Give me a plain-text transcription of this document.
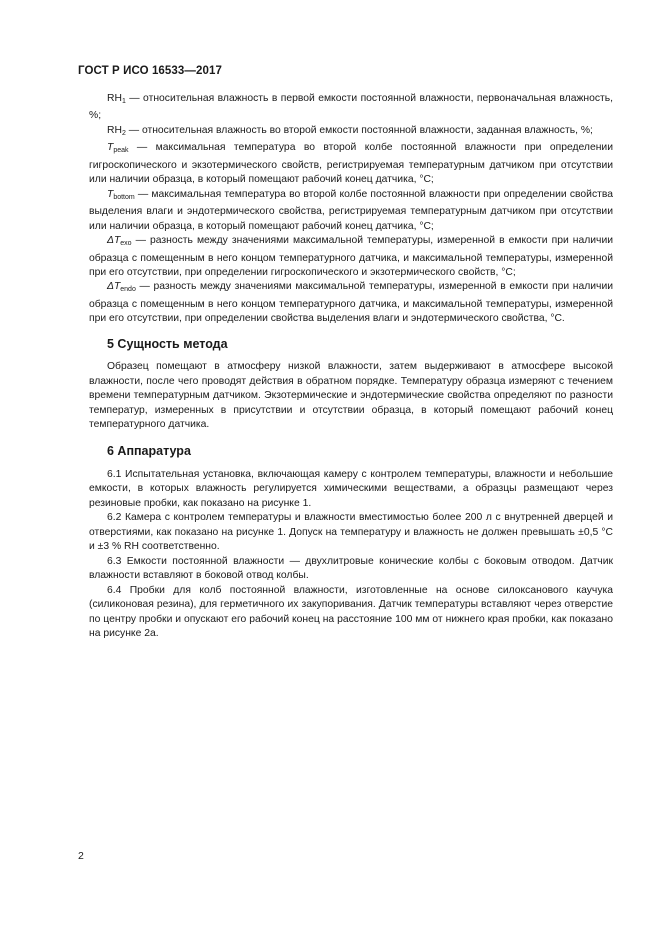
ГОСТ Р ИСО 16533—2017

$RH_1$ — относительная влажность в первой емкости постоянной влажности, первоначальная влажность, %;

$RH_2$ — относительная влажность во второй емкости постоянной влажности, заданная влажность, %;

$T_{peak}$ — максимальная температура во второй колбе постоянной влажности при определении гигроскопического и экзотермического свойств, регистрируемая температурным датчиком при отсутствии или наличии образца, в который помещают рабочий конец датчика, °C;

$T_{bottom}$ — максимальная температура во второй колбе постоянной влажности при определении свойства выделения влаги и эндотермического свойства, регистрируемая температурным датчиком при отсутствии или наличии образца, в который помещают рабочий конец датчика, °C;

$\Delta T_{exo}$ — разность между значениями максимальной температуры, измеренной в емкости при наличии образца с помещенным в него концом температурного датчика, и максимальной температуры, измеренной при его отсутствии, при определении гигроскопического и экзотермического свойств, °C;

$\Delta T_{endo}$ — разность между значениями максимальной температуры, измеренной в емкости при наличии образца с помещенным в него концом температурного датчика, и максимальной температуры, измеренной при его отсутствии, при определении свойства выделения влаги и эндотермического свойства, °C.

5 Сущность метода

Образец помещают в атмосферу низкой влажности, затем выдерживают в атмосфере высокой влажности, после чего проводят действия в обратном порядке. Температуру образца измеряют с течением времени температурным датчиком. Экзотермические и эндотермические свойства определяют по разности температур, измеренных в присутствии и отсутствии образца, в который помещают рабочий конец температурного датчика.

6 Аппаратура

6.1 Испытательная установка, включающая камеру с контролем температуры, влажности и небольшие емкости, в которых влажность регулируется химическими веществами, а образцы размещают через резиновые пробки, как показано на рисунке 1.

6.2 Камера с контролем температуры и влажности вместимостью более 200 л с внутренней дверцей и отверстиями, как показано на рисунке 1. Допуск на температуру и влажность не должен превышать ±0,5 °C и ±3 % RH соответственно.

6.3 Емкости постоянной влажности — двухлитровые конические колбы с боковым отводом. Датчик влажности вставляют в боковой отвод колбы.

6.4 Пробки для колб постоянной влажности, изготовленные на основе силоксанового каучука (силиконовая резина), для герметичного их закупоривания. Датчик температуры вставляют через отверстие по центру пробки и опускают его рабочий конец на расстояние 100 мм от нижнего края пробки, как показано на рисунке 2а.

2
